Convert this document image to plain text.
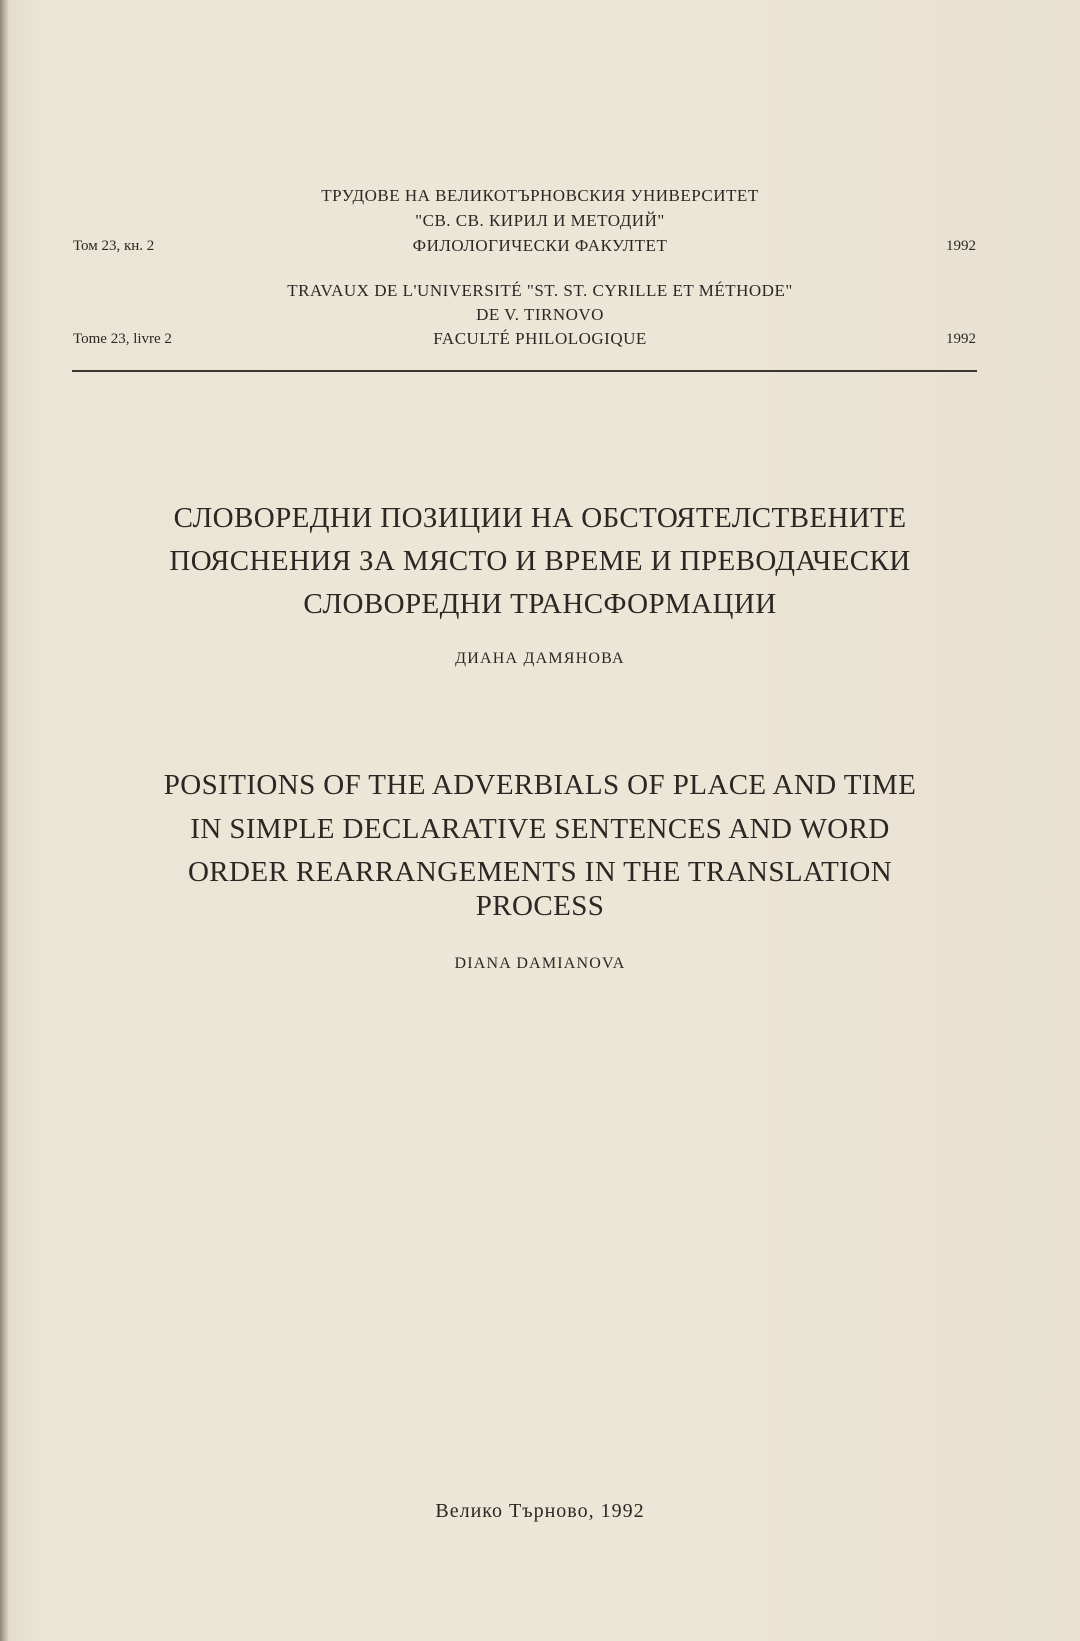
ТРУДОВЕ НА ВЕЛИКОТЪРНОВСКИЯ УНИВЕРСИТЕТ
"СВ. СВ. КИРИЛ И МЕТОДИЙ"
ФИЛОЛОГИЧЕСКИ ФАКУЛТЕТ
Том 23, кн. 2	1992
TRAVAUX DE L'UNIVERSITÉ "ST. ST. CYRILLE ET MÉTHODE"
DE V. TIRNOVO
FACULTÉ PHILOLOGIQUE
Tome 23, livre 2	1992
СЛОВОРЕДНИ ПОЗИЦИИ НА ОБСТОЯТЕЛСТВЕНИТЕ
ПОЯСНЕНИЯ ЗА МЯСТО И ВРЕМЕ И ПРЕВОДАЧЕСКИ
СЛОВОРЕДНИ ТРАНСФОРМАЦИИ
ДИАНА ДАМЯНОВА
POSITIONS OF THE ADVERBIALS OF PLACE AND TIME
IN SIMPLE DECLARATIVE SENTENCES AND WORD
ORDER REARRANGEMENTS IN THE TRANSLATION
PROCESS
DIANA DAMIANOVA
Велико Търново, 1992
